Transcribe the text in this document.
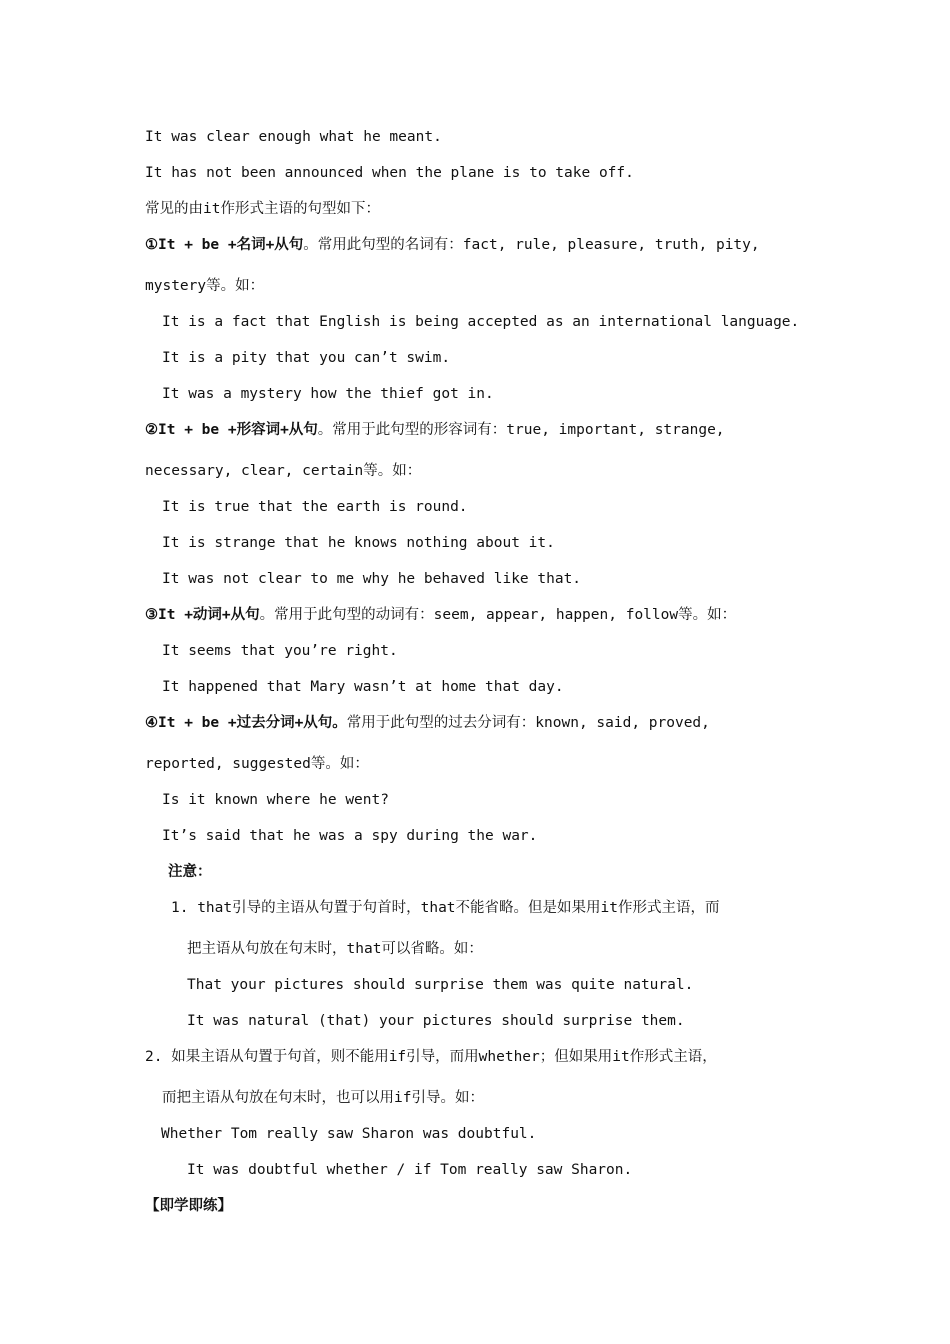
It was clear enough what he meant.
It has not been announced when the plane is to take off.
常见的由it作形式主语的句型如下：
①It + be +名词+从句。常用此句型的名词有：fact, rule, pleasure, truth, pity,
mystery等。如：
It is a fact that English is being accepted as an international language.
It is a pity that you can’t swim.
It was a mystery how the thief got in.
②It + be +形容词+从句。常用于此句型的形容词有：true, important, strange,
necessary, clear, certain等。如：
It is true that the earth is round.
It is strange that he knows nothing about it.
It was not clear to me why he behaved like that.
③It +动词+从句。常用于此句型的动词有：seem, appear, happen, follow等。如：
It seems that you’re right.
It happened that Mary wasn’t at home that day.
④It + be +过去分词+从句。常用于此句型的过去分词有：known, said, proved,
reported, suggested等。如：
Is it known where he went?
It’s said that he was a spy during the war.
注意：
1. that引导的主语从句置于句首时，that不能省略。但是如果用it作形式主语，而
把主语从句放在句末时，that可以省略。如：
That your pictures should surprise them was quite natural.
It was natural (that) your pictures should surprise them.
2. 如果主语从句置于句首，则不能用if引导，而用whether；但如果用it作形式主语，
而把主语从句放在句末时，也可以用if引导。如：
Whether Tom really saw Sharon was doubtful.
It was doubtful whether / if Tom really saw Sharon.
【即学即练】
